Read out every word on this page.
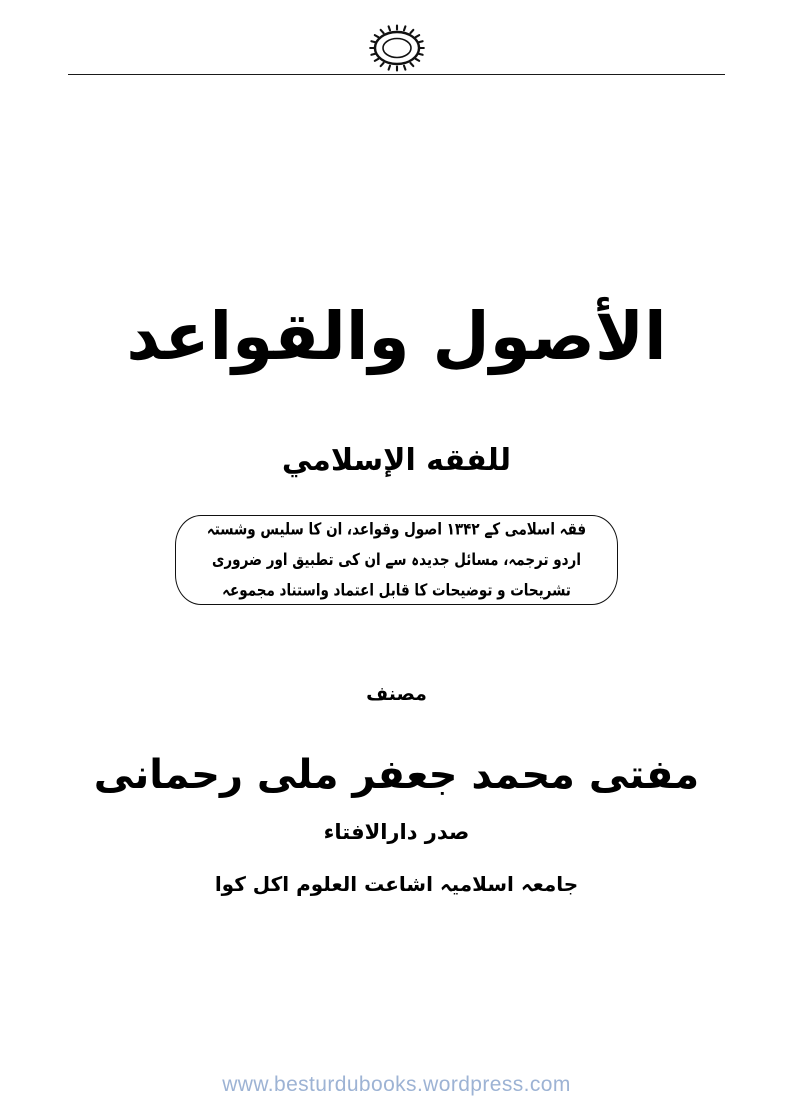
الأصول والقواعد
للفقه الإسلامي
فقہ اسلامی کے ۱۳۴۲ اصول وقواعد، ان کا سلیس وشستہ اردو ترجمہ، مسائل جدیدہ سے ان کی تطبیق اور ضروری تشریحات و توضیحات کا قابل اعتماد واستناد مجموعہ
مصنف
مفتی محمد جعفر ملی رحمانی
صدر دارالافتاء
جامعہ اسلامیہ اشاعت العلوم اکل کوا
www.besturdubooks.wordpress.com
